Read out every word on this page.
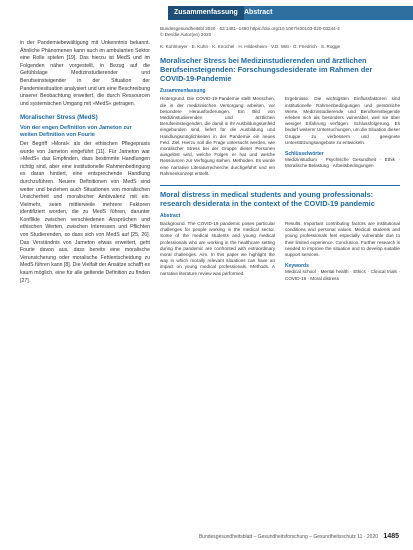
Zusammenfassung Abstract

in der Pandemiebewältigung mit Unkenntnis bekannt. Ähnliche Phänomenen kann auch im ambulanten Sektor eine Rolle spielen [19]. Das hierzu ist MedS und im Folgenden näher vorgestellt, in Bezug auf die Gefühlslage Medizinstudierender und Berufseinsteigender in der Situation der Pandemiesituation analysiert und um eine Beschreibung unserer Beobachtung erweitert, die durch Ressourcen und systemischen Umgang mit »MedS« getragen.

Moralischer Stress (MedS)
Von der engen Definition von Jameton zur weiten Definition von Fourie

Der Begriff »Moral« als der ethischen Pflegepraxis wurde von Jameton eingeführt [11]. Für Jameton war »MedS« das Empfinden, dass bestimmte Handlungen richtig sind, aber eine institutionelle Rahmenbedingung es daran hindert, eine entsprechende Handlung durchzuführen. Neuere Definitionen von MedS sind weiter und beziehen auch Situationen von moralischen Unsicherheit und moralischer Ambivalenz mit ein. Vielmehr, seien mittlerweile mehrere Faktoren identifiziert worden, die zu MedS führen, darunter Konflikte zwischen verschiedenen Ansprüchen und ethischen Werten, zwischen Interessen und Pflichten von Studierenden, so dass sich von MedS auf [25, 26]. Das Verständnis von Jameton etwas erweitert, geht Fourie davon aus, dass bereits eine moralische Verunsicherung oder moralische Fehlentscheidung zu MedS führen kann [8]. Die Vielfalt der Ansätze schafft es kaum möglich, eine für alle geltende Definition zu finden [27].

Bundesgesundheitsbl 2020 · 63:1481–1490 https://doi.org/10.1007/s00103-020-03244-2
© Der/die Autor(en) 2020
K. Kuhlmeyer · E. Kuhn · K. Knochel · H. Hildesheim · V.D. Witt · G. Friedrich · S. Rogge
Moralischer Stress bei Medizinstudierenden und ärztlichen Berufseinsteigenden: Forschungsdesiderate im Rahmen der COVID-19-Pandemie
Zusammenfassung

Hintergrund. Die COVID-19-Pandemie stellt Menschen, die in der medizinischen Versorgung arbeiten, vor besondere Herausforderungen. Ein Bild von Medizinstudierenden und ärztlichen Berufseinsteigenden, die damit in Ihr Ausbildungsumfeld eingebunden sind, liefert für die Ausbildung und Handlungsmöglichkeiten in der Pandemie ein neues Feld. Ziel. Hierzu soll die Frage untersucht werden, wie moralischer Stress bei der Gruppe dieser Personen ausgelöst wird, welche Folgen er hat und welche Ressourcen zur Verfügung stehen. Methoden. Es wurde eine narrative Literaturrecherche durchgeführt und ein Rahmenkonzept erstellt.

Ergebnisse. Die wichtigsten Einflussfaktoren sind institutionelle Rahmenbedingungen und persönliche Werte. Medizinstudierende und Berufseinsteigende erleben sich als besonders vulnerabel, weil sie über weniger Erfahrung verfügen. Schlussfolgerung. Es bedarf weiterer Untersuchungen, um die Situation dieser Gruppe zu verbessern und geeignete Unterstützungsangebote zu entwickeln.

Schlüsselwörter

Medizinstudium · Psychische Gesundheit · Ethik · Moralische Belastung · Arbeitsbedingungen

Moral distress in medical students and young professionals: research desiderata in the context of the COVID-19 pandemic
Abstract

Background. The COVID-19 pandemic poses particular challenges for people working in the medical sector. Some of the medical students and young medical professionals who are working in the healthcare setting during the pandemic are confronted with extraordinary moral challenges. Aim. In this paper we highlight the way in which morally relevant situations can have an impact on young medical professionals. Methods. A narrative literature review was performed.

Results. Important contributing factors are institutional conditions and personal values. Medical students and young professionals feel especially vulnerable due to their limited experience. Conclusion. Further research is needed to improve the situation and to develop suitable support services.

Keywords

Medical school · Mental health · Ethics · Clinical trials · COVID-19 · Moral distress

Bundesgesundheitsblatt – Gesundheitsforschung – Gesundheitsschutz 11 · 2020 1485
